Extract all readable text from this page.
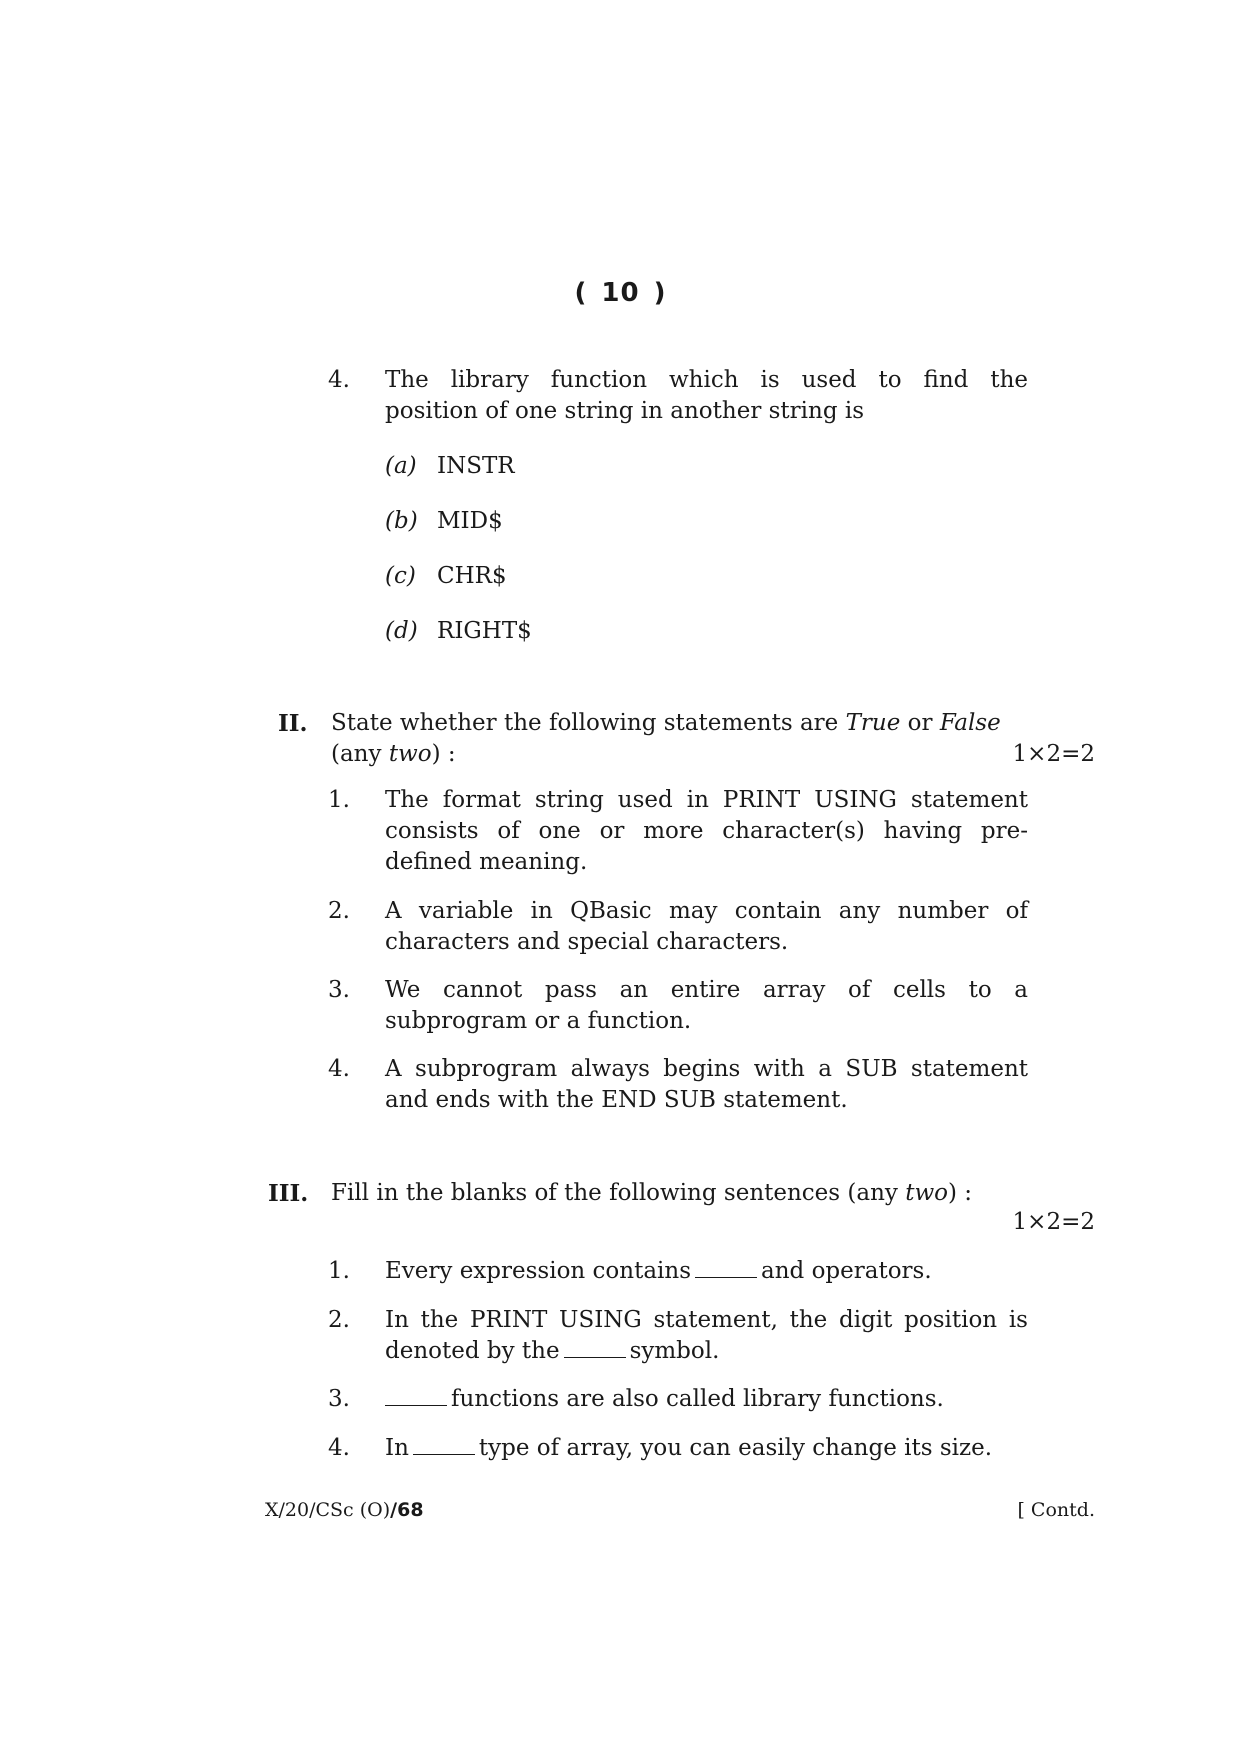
( 10 )
4. The library function which is used to find the
position of one string in another string is
(a) INSTR
(b) MID$
(c) CHR$
(d) RIGHT$
II. State whether the following statements are True or False
(any two) :	1×2=2
1. The format string used in PRINT USING statement
consists of one or more character(s) having pre-
defined meaning.
2. A variable in QBasic may contain any number of
characters and special characters.
3. We cannot pass an entire array of cells to a
subprogram or a function.
4. A subprogram always begins with a SUB statement
and ends with the END SUB statement.
III. Fill in the blanks of the following sentences (any two) :
1×2=2
1. Every expression contains	and operators.
2. In the PRINT USING statement, the digit position is
denoted by the	symbol.
3.	functions are also called library functions.
4. In	type of array, you can easily change its size.
X/20/CSc (O)/68	[ Contd.
